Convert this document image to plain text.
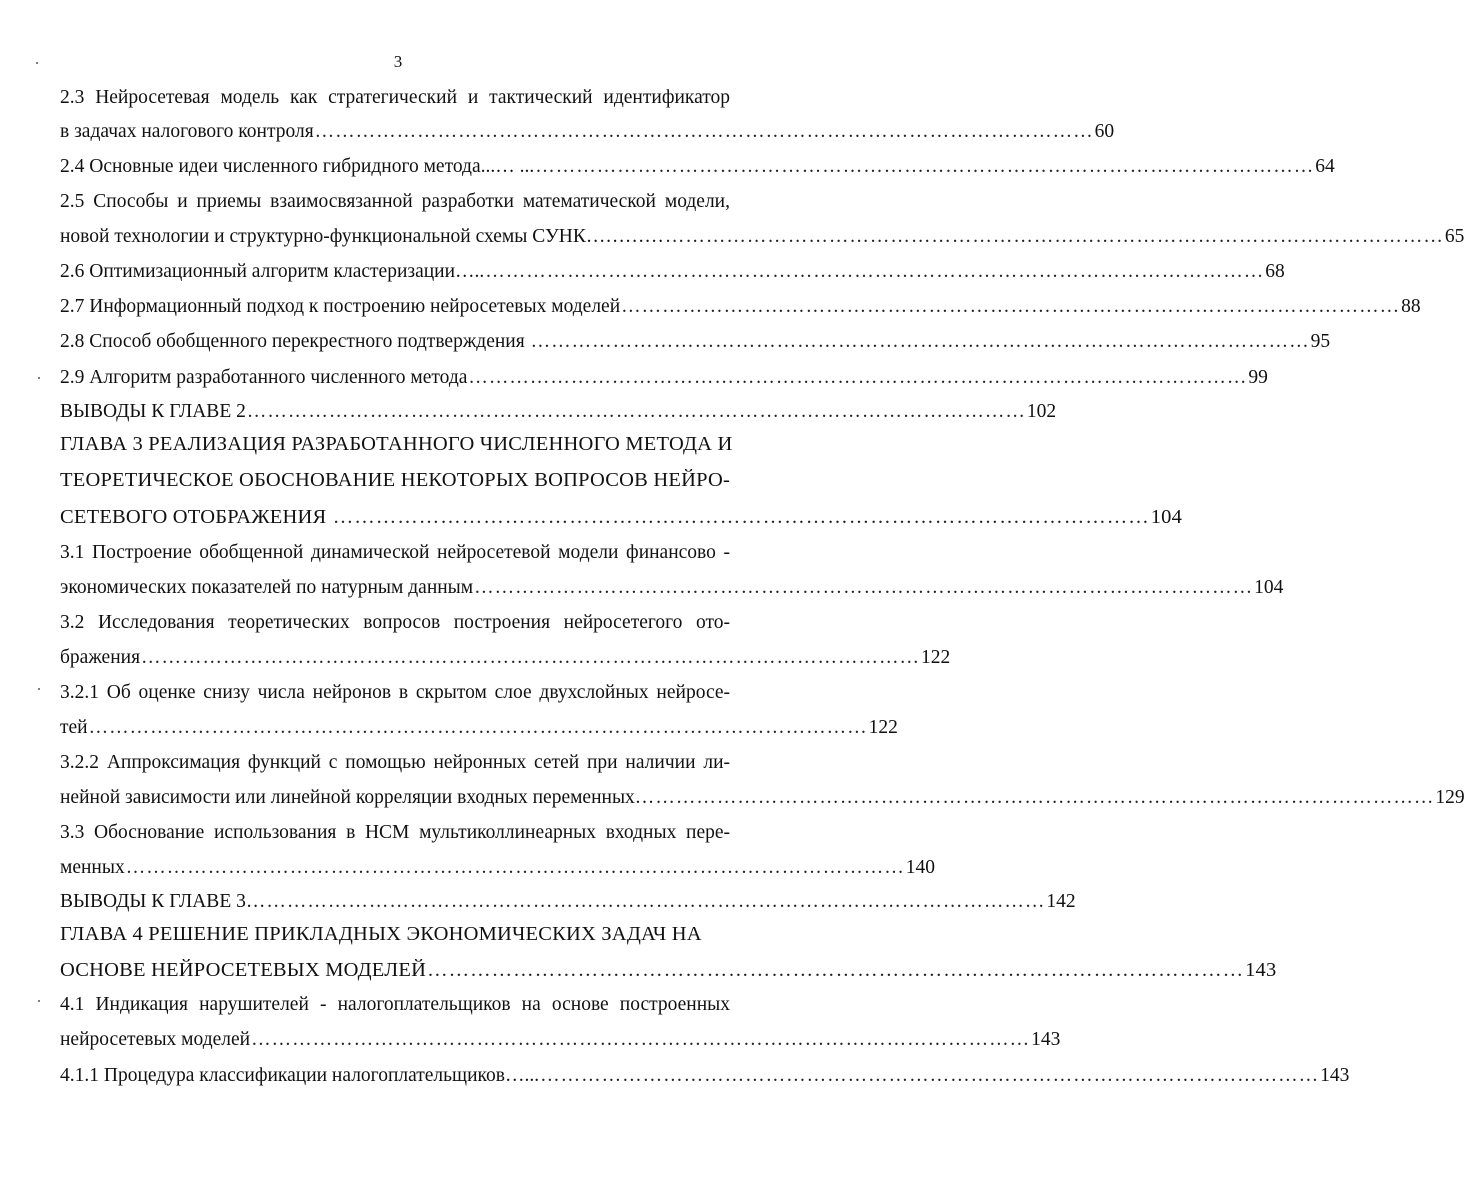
3
2.3 Нейросетевая модель как стратегический и тактический идентификатор
в задачах налогового контроля …………………………………………………………………………………………………… 60
2.4 Основные идеи численного гибридного метода...… ... …………………………………………………………………………………………………… 64
2.5 Способы и приемы взаимосвязанной разработки математической модели,
новой технологии и структурно-функциональной схемы СУНК………… …………………………………………………………………………………………………… 65
2.6 Оптимизационный алгоритм кластеризации….. …………………………………………………………………………………………………… 68
2.7 Информационный подход к построению нейросетевых моделей …………………………………………………………………………………………………… 88
2.8 Способ обобщенного перекрестного подтверждения …………………………………………………………………………………………………… 95
2.9 Алгоритм разработанного численного метода …………………………………………………………………………………………………… 99
ВЫВОДЫ К ГЛАВЕ 2 …………………………………………………………………………………………………… 102
ГЛАВА 3 РЕАЛИЗАЦИЯ РАЗРАБОТАННОГО ЧИСЛЕННОГО МЕТОДА И
ТЕОРЕТИЧЕСКОЕ ОБОСНОВАНИЕ НЕКОТОРЫХ ВОПРОСОВ НЕЙРО-
СЕТЕВОГО ОТОБРАЖЕНИЯ …………………………………………………………………………………………………… 104
3.1 Построение обобщенной динамической нейросетевой модели финансово -
экономических показателей по натурным данным …………………………………………………………………………………………………… 104
3.2 Исследования теоретических вопросов построения нейросетегого ото-
бражения …………………………………………………………………………………………………… 122
3.2.1 Об оценке снизу числа нейронов в скрытом слое двухслойных нейросе-
тей …………………………………………………………………………………………………… 122
3.2.2 Аппроксимация функций с помощью нейронных сетей при наличии ли-
нейной зависимости или линейной корреляции входных переменных… …………………………………………………………………………………………………… 129
3.3 Обоснование использования в НСМ мультиколлинеарных входных пере-
менных …………………………………………………………………………………………………… 140
ВЫВОДЫ К ГЛАВЕ 3… …………………………………………………………………………………………………… 142
ГЛАВА 4 РЕШЕНИЕ ПРИКЛАДНЫХ ЭКОНОМИЧЕСКИХ ЗАДАЧ НА
ОСНОВЕ НЕЙРОСЕТЕВЫХ МОДЕЛЕЙ …………………………………………………………………………………………………… 143
4.1 Индикация нарушителей - налогоплательщиков на основе построенных
нейросетевых моделей …………………………………………………………………………………………………… 143
4.1.1 Процедура классификации налогоплательщиков…... …………………………………………………………………………………………………… 143
